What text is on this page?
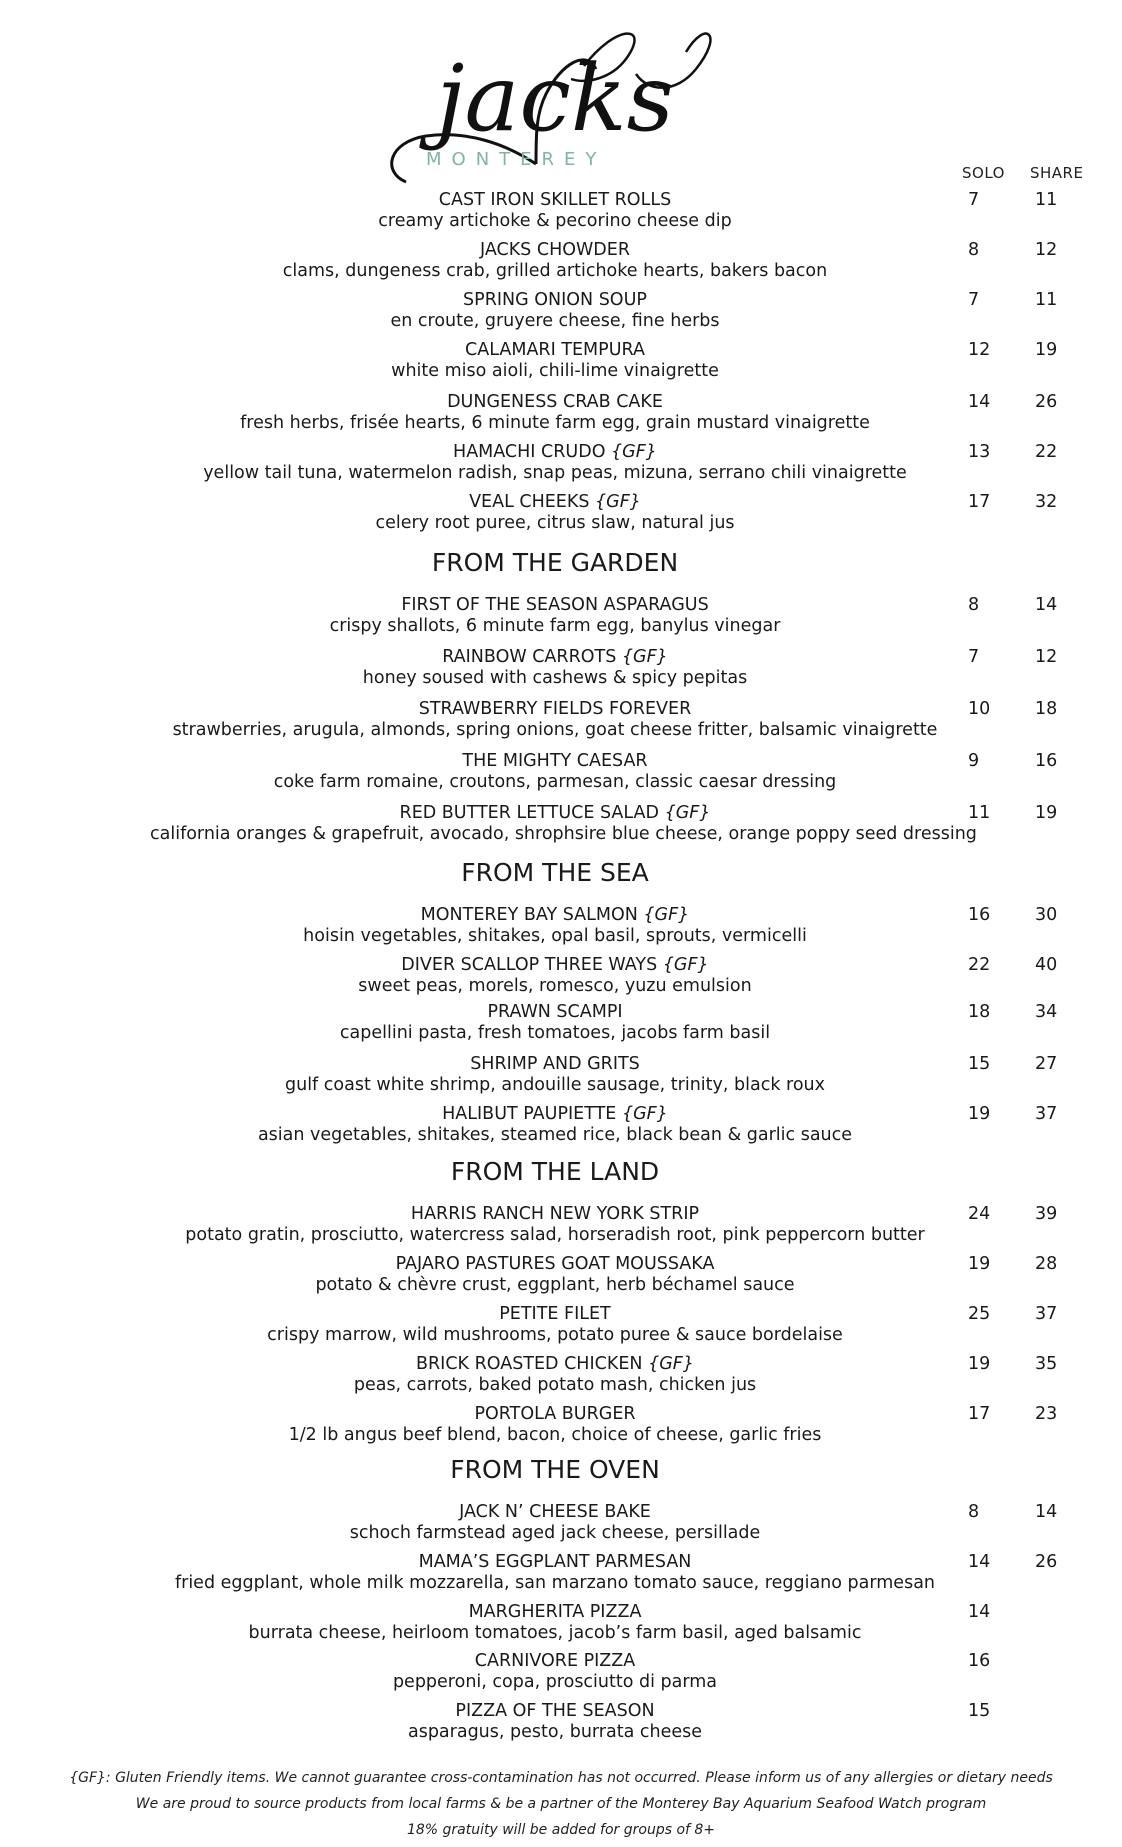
jacks
MONTEREY
SOLO SHARE
CAST IRON SKILLET ROLLS
creamy artichoke & pecorino cheese dip
7	11
JACKS CHOWDER
clams, dungeness crab, grilled artichoke hearts, bakers bacon
8	12
SPRING ONION SOUP
en croute, gruyere cheese, fine herbs
7	11
CALAMARI TEMPURA
white miso aioli, chili-lime vinaigrette
12	19
DUNGENESS CRAB CAKE
fresh herbs, frisée hearts, 6 minute farm egg, grain mustard vinaigrette
14	26
HAMACHI CRUDO {GF}
yellow tail tuna, watermelon radish, snap peas, mizuna, serrano chili vinaigrette
13	22
VEAL CHEEKS {GF}
celery root puree, citrus slaw, natural jus
17	32
FROM THE GARDEN
FIRST OF THE SEASON ASPARAGUS
crispy shallots, 6 minute farm egg, banylus vinegar
8	14
RAINBOW CARROTS {GF}
honey soused with cashews & spicy pepitas
7	12
STRAWBERRY FIELDS FOREVER
strawberries, arugula, almonds, spring onions, goat cheese fritter, balsamic vinaigrette
10	18
THE MIGHTY CAESAR
coke farm romaine, croutons, parmesan, classic caesar dressing
9	16
RED BUTTER LETTUCE SALAD {GF}
california oranges & grapefruit, avocado, shrophsire blue cheese, orange poppy seed dressing
11	19
FROM THE SEA
MONTEREY BAY SALMON {GF}
hoisin vegetables, shitakes, opal basil, sprouts, vermicelli
16	30
DIVER SCALLOP THREE WAYS {GF}
sweet peas, morels, romesco, yuzu emulsion
22	40
PRAWN SCAMPI
capellini pasta, fresh tomatoes, jacobs farm basil
18	34
SHRIMP AND GRITS
gulf coast white shrimp, andouille sausage, trinity, black roux
15	27
HALIBUT PAUPIETTE {GF}
asian vegetables, shitakes, steamed rice, black bean & garlic sauce
19	37
FROM THE LAND
HARRIS RANCH NEW YORK STRIP
potato gratin, prosciutto, watercress salad, horseradish root, pink peppercorn butter
24	39
PAJARO PASTURES GOAT MOUSSAKA
potato & chèvre crust, eggplant, herb béchamel sauce
19	28
PETITE FILET
crispy marrow, wild mushrooms, potato puree & sauce bordelaise
25	37
BRICK ROASTED CHICKEN {GF}
peas, carrots, baked potato mash, chicken jus
19	35
PORTOLA BURGER
1/2 lb angus beef blend, bacon, choice of cheese, garlic fries
17	23
FROM THE OVEN
JACK N’ CHEESE BAKE
schoch farmstead aged jack cheese, persillade
8	14
MAMA’S EGGPLANT PARMESAN
fried eggplant, whole milk mozzarella, san marzano tomato sauce, reggiano parmesan
14	26
MARGHERITA PIZZA
burrata cheese, heirloom tomatoes, jacob’s farm basil, aged balsamic
14
CARNIVORE PIZZA
pepperoni, copa, prosciutto di parma
16
PIZZA OF THE SEASON
asparagus, pesto, burrata cheese
15
{GF}: Gluten Friendly items. We cannot guarantee cross-contamination has not occurred. Please inform us of any allergies or dietary needs
We are proud to source products from local farms & be a partner of the Monterey Bay Aquarium Seafood Watch program
18% gratuity will be added for groups of 8+
